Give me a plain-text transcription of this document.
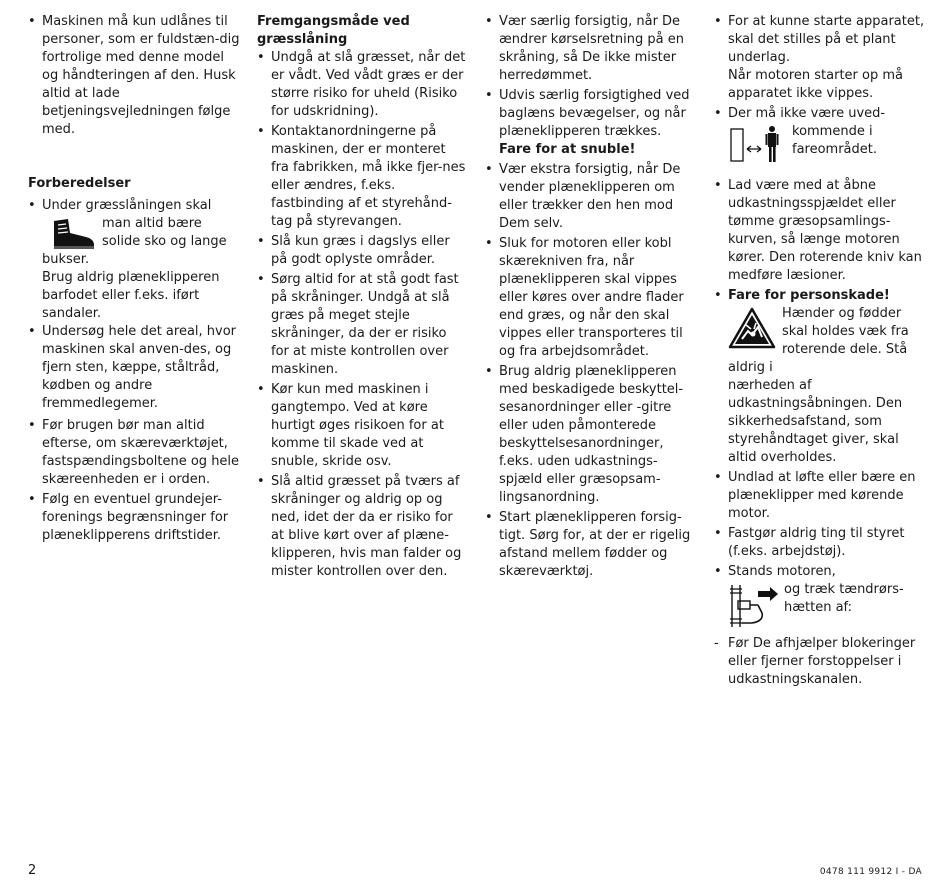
• Maskinen må kun udlånes til personer, som er fuldstæn-dig fortrolige med denne model og håndteringen af den. Husk altid at lade betjeningsvejledningen følge med.

Forberedelser

• Under græsslåningen skal
man altid bære solide sko og lange bukser.
Brug aldrig plæneklipperen barfodet eller f.eks. iført sandaler.
• Undersøg hele det areal, hvor maskinen skal anven-des, og fjern sten, kæppe, ståltråd, kødben og andre fremmedlegemer.
• Før brugen bør man altid efterse, om skæreværktøjet, fastspændingsboltene og hele skæreenheden er i orden.
• Følg en eventuel grundejer-forenings begrænsninger for plæneklipperens driftstider.

Fremgangsmåde ved græsslåning

• Undgå at slå græsset, når det er vådt. Ved vådt græs er der større risiko for uheld (Risiko for udskridning).
• Kontaktanordningerne på maskinen, der er monteret fra fabrikken, må ikke fjer-nes eller ændres, f.eks. fastbinding af et styrehånd-tag på styrevangen.
• Slå kun græs i dagslys eller på godt oplyste områder.
• Sørg altid for at stå godt fast på skråninger. Undgå at slå græs på meget stejle skråninger, da der er risiko for at miste kontrollen over maskinen.
• Kør kun med maskinen i gangtempo. Ved at køre hurtigt øges risikoen for at komme til skade ved at snuble, skride osv.
• Slå altid græsset på tværs af skråninger og aldrig op og ned, idet der da er risiko for at blive kørt over af plæne-klipperen, hvis man falder og mister kontrollen over den.
• Vær særlig forsigtig, når De ændrer kørselsretning på en skråning, så De ikke mister herredømmet.
• Udvis særlig forsigtighed ved baglæns bevægelser, og når plæneklipperen trækkes.
Fare for at snuble!
• Vær ekstra forsigtig, når De vender plæneklipperen om eller trækker den hen mod Dem selv.
• Sluk for motoren eller kobl skærekniven fra, når plæneklipperen skal vippes eller køres over andre flader end græs, og når den skal vippes eller transporteres til og fra arbejdsområdet.
• Brug aldrig plæneklipperen med beskadigede beskyttel-sesanordninger eller -gitre eller uden påmonterede beskyttelsesanordninger, f.eks. uden udkastnings-spjæld eller græsopsam-lingsanordning.
• Start plæneklipperen forsig-tigt. Sørg for, at der er rigelig afstand mellem fødder og skæreværktøj.
• For at kunne starte apparatet, skal det stilles på et plant underlag.
Når motoren starter op må apparatet ikke vippes.
• Der må ikke være uved-
kommende i fareområdet.
• Lad være med at åbne udkastningsspjældet eller tømme græsopsamlings-kurven, så længe motoren kører. Den roterende kniv kan medføre læsioner.
• Fare for personskade!
Hænder og fødder skal holdes væk fra roterende dele. Stå aldrig i
nærheden af udkastningsåbningen. Den sikkerhedsafstand, som styrehåndtaget giver, skal altid overholdes.
• Undlad at løfte eller bære en plæneklipper med kørende motor.
• Fastgør aldrig ting til styret (f.eks. arbejdstøj).
• Stands motoren,
og træk tændrørs-hætten af:
- Før De afhjælper blokeringer eller fjerner forstoppelser i udkastningskanalen.
2	0478 111 9912 I - DA
